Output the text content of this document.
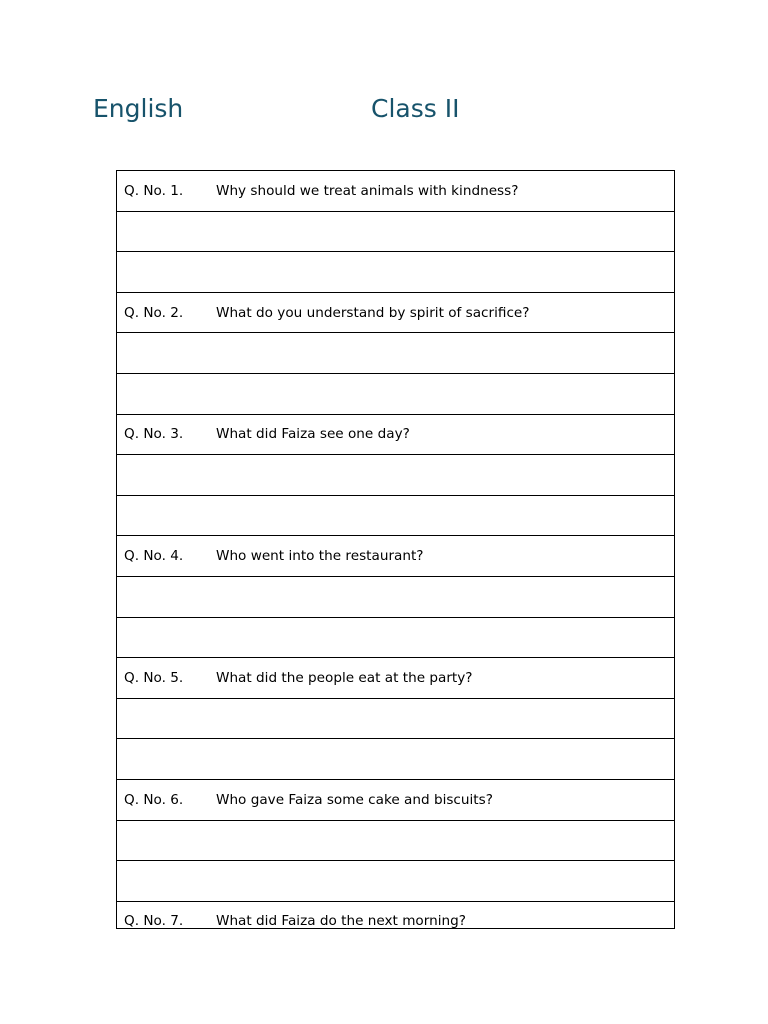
English	Class II
Q. No. 1.	Why should we treat animals with kindness?
Q. No. 2.	What do you understand by spirit of sacrifice?
Q. No. 3.	What did Faiza see one day?
Q. No. 4.	Who went into the restaurant?
Q. No. 5.	What did the people eat at the party?
Q. No. 6.	Who gave Faiza some cake and biscuits?
Q. No. 7.	What did Faiza do the next morning?
